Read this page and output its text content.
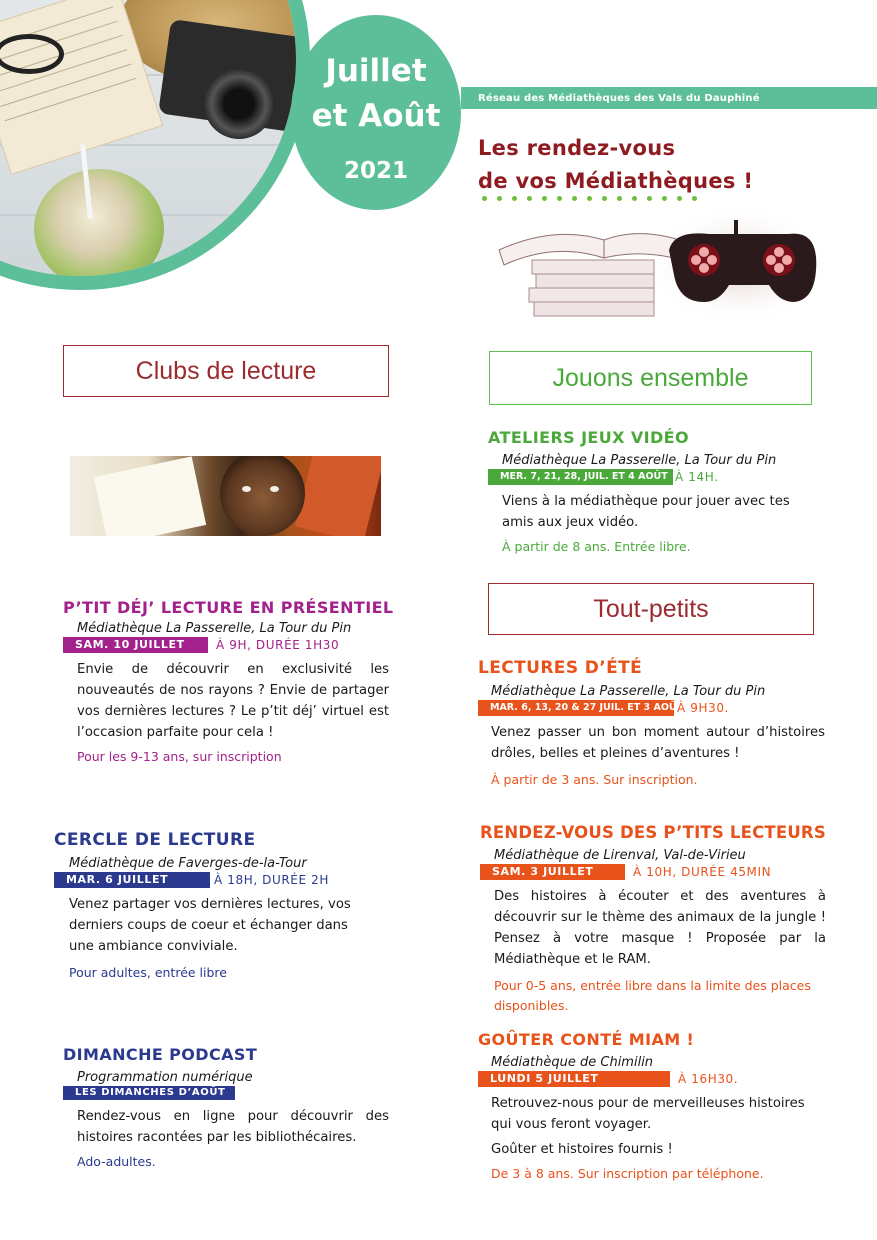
Juillet
et Août
2021
Réseau des Médiathèques des Vals du Dauphiné
Les rendez-vous
de vos Médiathèques !
Clubs de lecture	Jouons ensemble
Tout-petits
P’TIT DÉJ’ LECTURE EN PRÉSENTIEL
Médiathèque La Passerelle, La Tour du Pin
SAM. 10 JUILLET	À 9H, DURÉE 1H30
Envie de découvrir en exclusivité les nouveautés de nos rayons ? Envie de partager vos dernières lectures ? Le p’tit déj’ virtuel est l’occasion parfaite pour cela !
Pour les 9-13 ans, sur inscription
CERCLE DE LECTURE
Médiathèque de Faverges-de-la-Tour
MAR. 6 JUILLET	À 18H, DURÉE 2H
Venez partager vos dernières lectures, vos derniers coups de coeur et échanger dans une ambiance conviviale.
Pour adultes, entrée libre
DIMANCHE PODCAST
Programmation numérique
LES DIMANCHES D’AOÛT
Rendez-vous en ligne pour découvrir des histoires racontées par les bibliothécaires.
Ado-adultes.
ATELIERS JEUX VIDÉO
Médiathèque La Passerelle, La Tour du Pin
MER. 7, 21, 28, JUIL. ET 4 AOÛT À 14H.
Viens à la médiathèque pour jouer avec tes amis aux jeux vidéo.
À partir de 8 ans. Entrée libre.
LECTURES D’ÉTÉ
Médiathèque La Passerelle, La Tour du Pin
MAR. 6, 13, 20 & 27 JUIL. ET 3 AOÛT
À 9H30.
Venez passer un bon moment autour d’histoires drôles, belles et pleines d’aventures !
À partir de 3 ans. Sur inscription.
RENDEZ-VOUS DES P’TITS LECTEURS
Médiathèque de Lirenval, Val-de-Virieu
SAM. 3 JUILLET	À 10H, DURÉE 45MIN
Des histoires à écouter et des aventures à découvrir sur le thème des animaux de la jungle ! Pensez à votre masque ! Proposée par la Médiathèque et le RAM.
Pour 0-5 ans, entrée libre dans la limite des places disponibles.
GOÛTER CONTÉ MIAM !
Médiathèque de Chimilin
LUNDI 5 JUILLET	À 16H30.
Retrouvez-nous pour de merveilleuses histoires qui vous feront voyager.
Goûter et histoires fournis !
De 3 à 8 ans. Sur inscription par téléphone.
